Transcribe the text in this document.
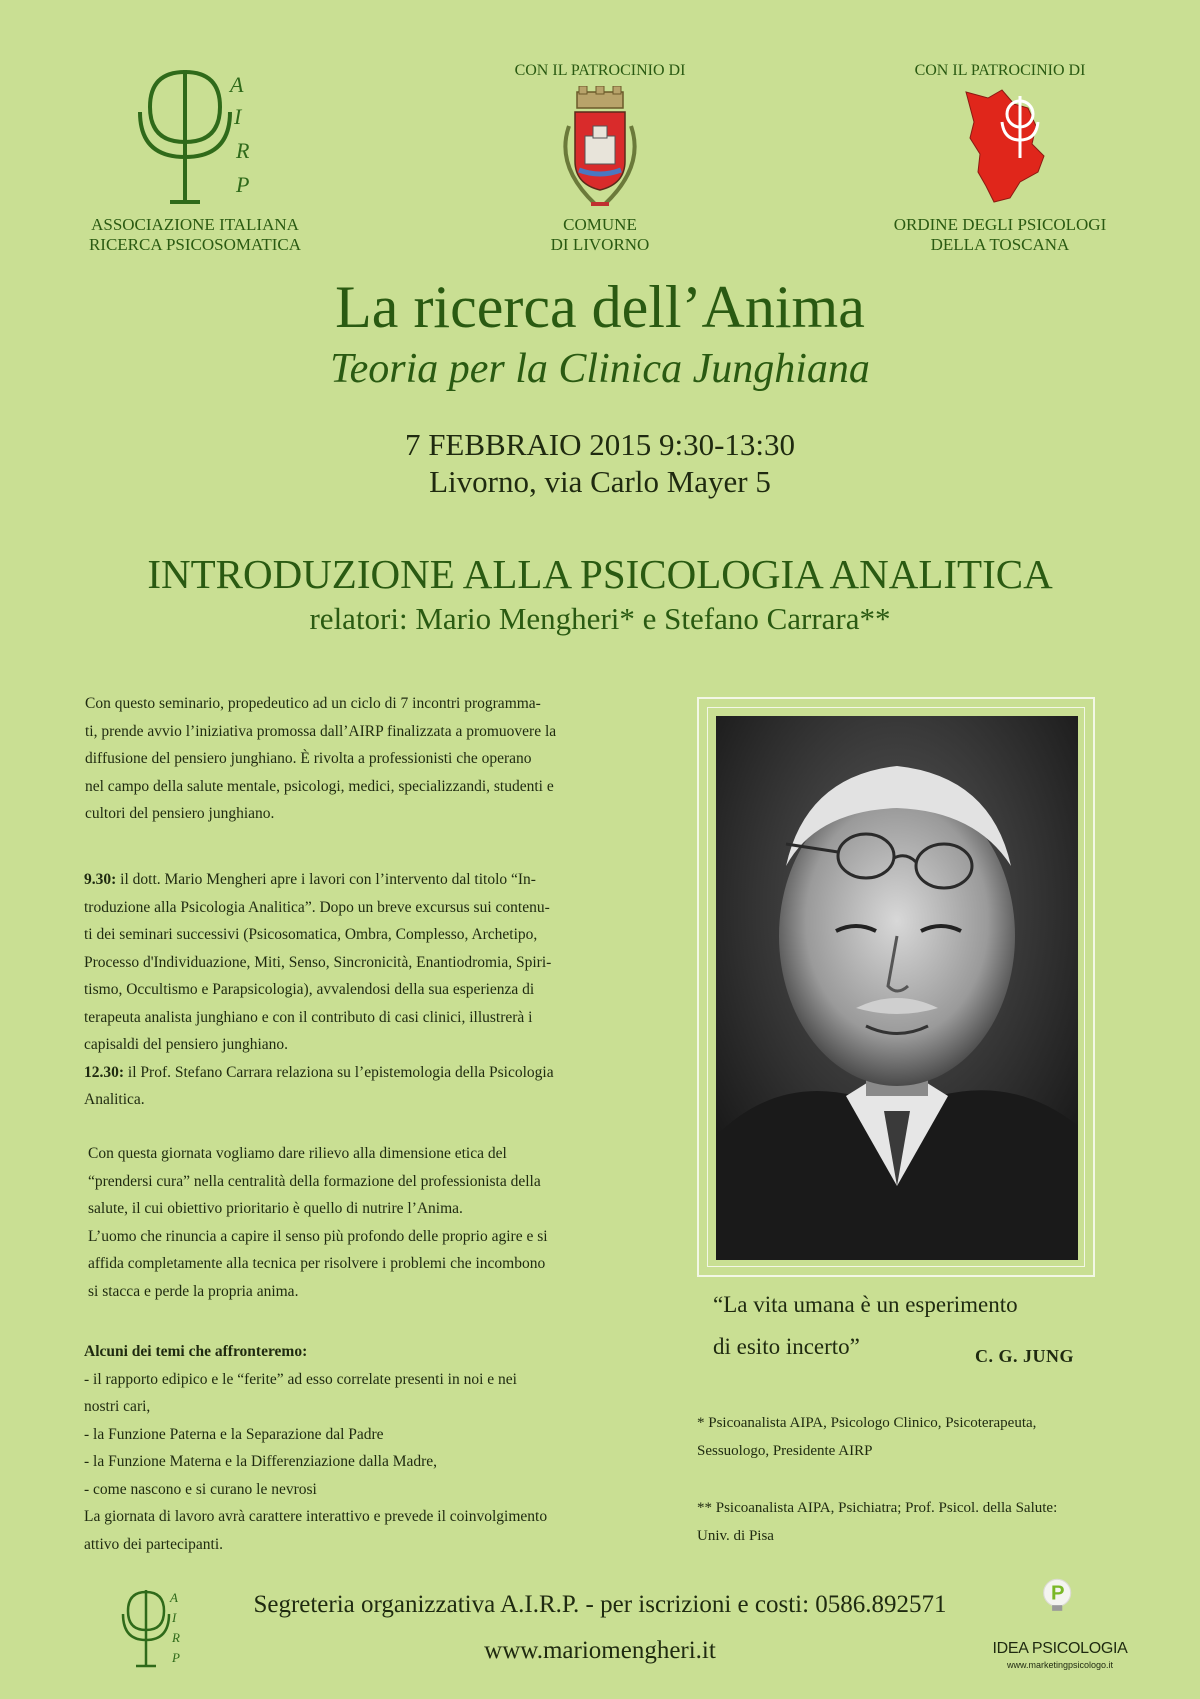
A
I
R
P
ASSOCIAZIONE ITALIANA
RICERCA PSICOSOMATICA
CON IL PATROCINIO DI
COMUNE
DI LIVORNO
CON IL PATROCINIO DI
ORDINE DEGLI PSICOLOGI
DELLA TOSCANA
La ricerca dell’Anima
Teoria per la Clinica Junghiana
7 FEBBRAIO 2015 9:30-13:30
Livorno, via Carlo Mayer 5
INTRODUZIONE ALLA PSICOLOGIA ANALITICA
relatori: Mario Mengheri* e Stefano Carrara**
Con questo seminario, propedeutico ad un ciclo di 7 incontri programma-
ti, prende avvio l’iniziativa promossa dall’AIRP finalizzata a promuovere la
diffusione del pensiero junghiano. È rivolta a professionisti che operano
nel campo della salute mentale, psicologi, medici, specializzandi, studenti e
cultori del pensiero junghiano.
9.30: il dott. Mario Mengheri apre i lavori con l’intervento dal titolo “In-
troduzione alla Psicologia Analitica”. Dopo un breve excursus sui contenu-
ti dei seminari successivi (Psicosomatica, Ombra, Complesso, Archetipo,
Processo d'Individuazione, Miti, Senso, Sincronicità, Enantiodromia, Spiri-
tismo, Occultismo e Parapsicologia), avvalendosi della sua esperienza di
terapeuta analista junghiano e con il contributo di casi clinici, illustrerà i
capisaldi del pensiero junghiano.
12.30: il Prof. Stefano Carrara relaziona su l’epistemologia della Psicologia
Analitica.
Con questa giornata vogliamo dare rilievo alla dimensione etica del
“prendersi cura” nella centralità della formazione del professionista della
salute, il cui obiettivo prioritario è quello di nutrire l’Anima.
L’uomo che rinuncia a capire il senso più profondo delle proprio agire e si
affida completamente alla tecnica per risolvere i problemi che incombono
si stacca e perde la propria anima.
Alcuni dei temi che affronteremo:
- il rapporto edipico e le “ferite” ad esso correlate presenti in noi e nei
nostri cari,
- la Funzione Paterna e la Separazione dal Padre
- la Funzione Materna e la Differenziazione dalla Madre,
- come nascono e si curano le nevrosi
La giornata di lavoro avrà carattere interattivo e prevede il coinvolgimento
attivo dei partecipanti.
“La vita umana è un esperimento
di esito incerto”	C. G. JUNG
* Psicoanalista AIPA, Psicologo Clinico, Psicoterapeuta,
Sessuologo, Presidente AIRP
** Psicoanalista AIPA, Psichiatra; Prof. Psicol. della Salute:
Univ. di Pisa
A
I
R
P
Segreteria organizzativa A.I.R.P. - per iscrizioni e costi: 0586.892571
www.mariomengheri.it
P
IDEA PSICOLOGIA
www.marketingpsicologo.it
